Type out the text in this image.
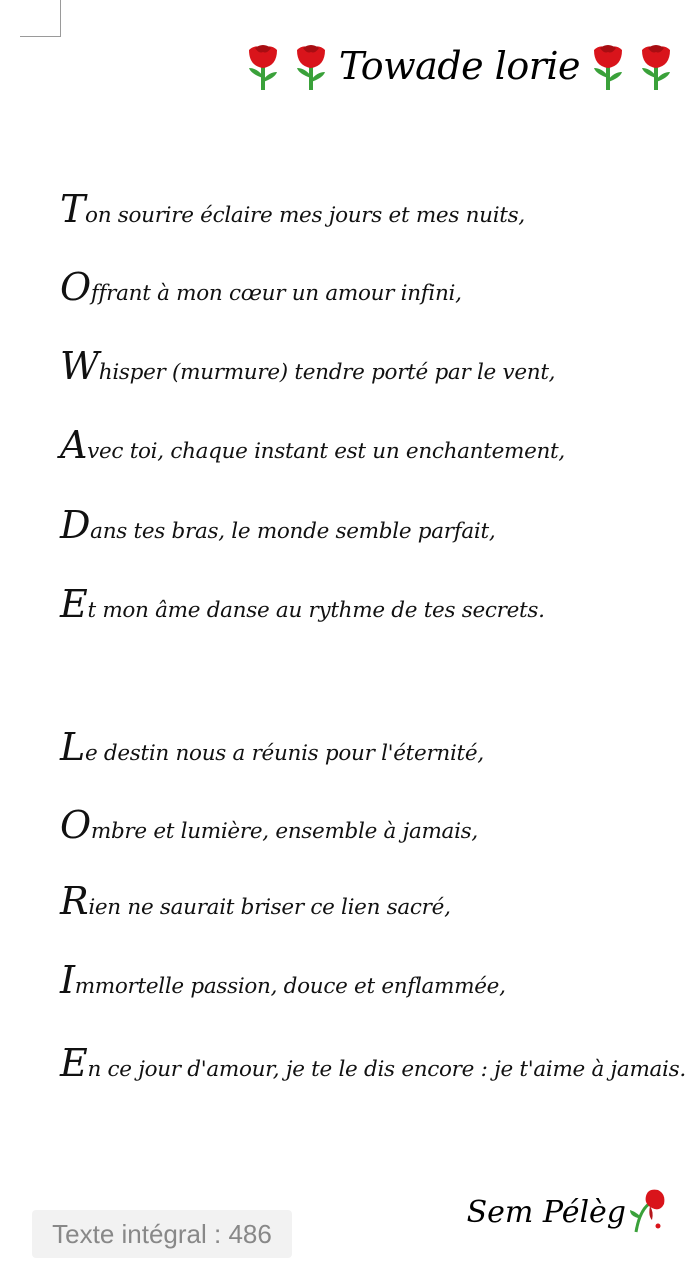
Towade lorie
Ton sourire éclaire mes jours et mes nuits,
Offrant à mon cœur un amour infini,
Whisper (murmure) tendre porté par le vent,
Avec toi, chaque instant est un enchantement,
Dans tes bras, le monde semble parfait,
Et mon âme danse au rythme de tes secrets.
Le destin nous a réunis pour l'éternité,
Ombre et lumière, ensemble à jamais,
Rien ne saurait briser ce lien sacré,
Immortelle passion, douce et enflammée,
En ce jour d'amour, je te le dis encore : je t'aime à jamais.
Texte intégral : 486
Sem Pélèg
